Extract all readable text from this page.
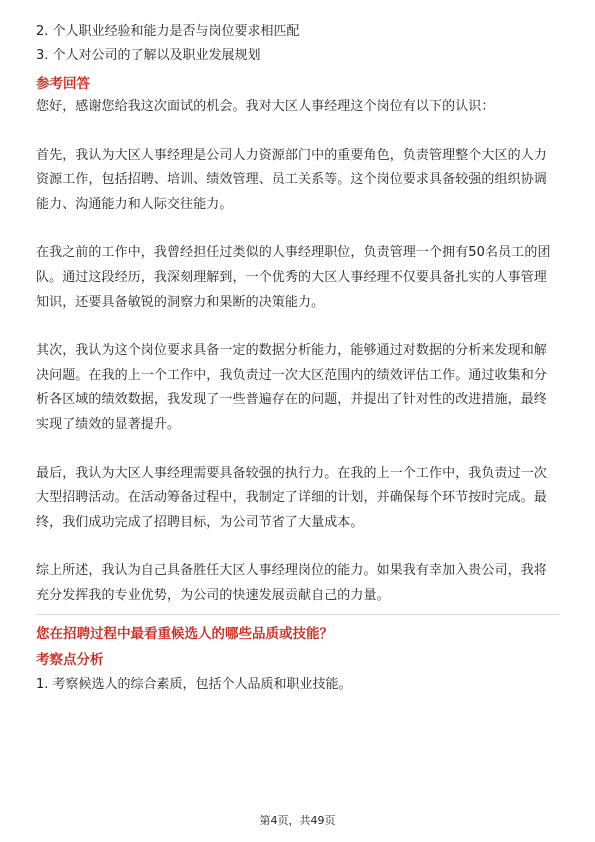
2. 个人职业经验和能力是否与岗位要求相匹配
3. 个人对公司的了解以及职业发展规划
参考回答
您好，感谢您给我这次面试的机会。我对大区人事经理这个岗位有以下的认识：
首先，我认为大区人事经理是公司人力资源部门中的重要角色，负责管理整个大区的人力资源工作，包括招聘、培训、绩效管理、员工关系等。这个岗位要求具备较强的组织协调能力、沟通能力和人际交往能力。
在我之前的工作中，我曾经担任过类似的人事经理职位，负责管理一个拥有50名员工的团队。通过这段经历，我深刻理解到，一个优秀的大区人事经理不仅要具备扎实的人事管理知识，还要具备敏锐的洞察力和果断的决策能力。
其次，我认为这个岗位要求具备一定的数据分析能力，能够通过对数据的分析来发现和解决问题。在我的上一个工作中，我负责过一次大区范围内的绩效评估工作。通过收集和分析各区域的绩效数据，我发现了一些普遍存在的问题，并提出了针对性的改进措施，最终实现了绩效的显著提升。
最后，我认为大区人事经理需要具备较强的执行力。在我的上一个工作中，我负责过一次大型招聘活动。在活动筹备过程中，我制定了详细的计划，并确保每个环节按时完成。最终，我们成功完成了招聘目标，为公司节省了大量成本。
综上所述，我认为自己具备胜任大区人事经理岗位的能力。如果我有幸加入贵公司，我将充分发挥我的专业优势，为公司的快速发展贡献自己的力量。
您在招聘过程中最看重候选人的哪些品质或技能？
考察点分析
1. 考察候选人的综合素质，包括个人品质和职业技能。
第4页，共49页
